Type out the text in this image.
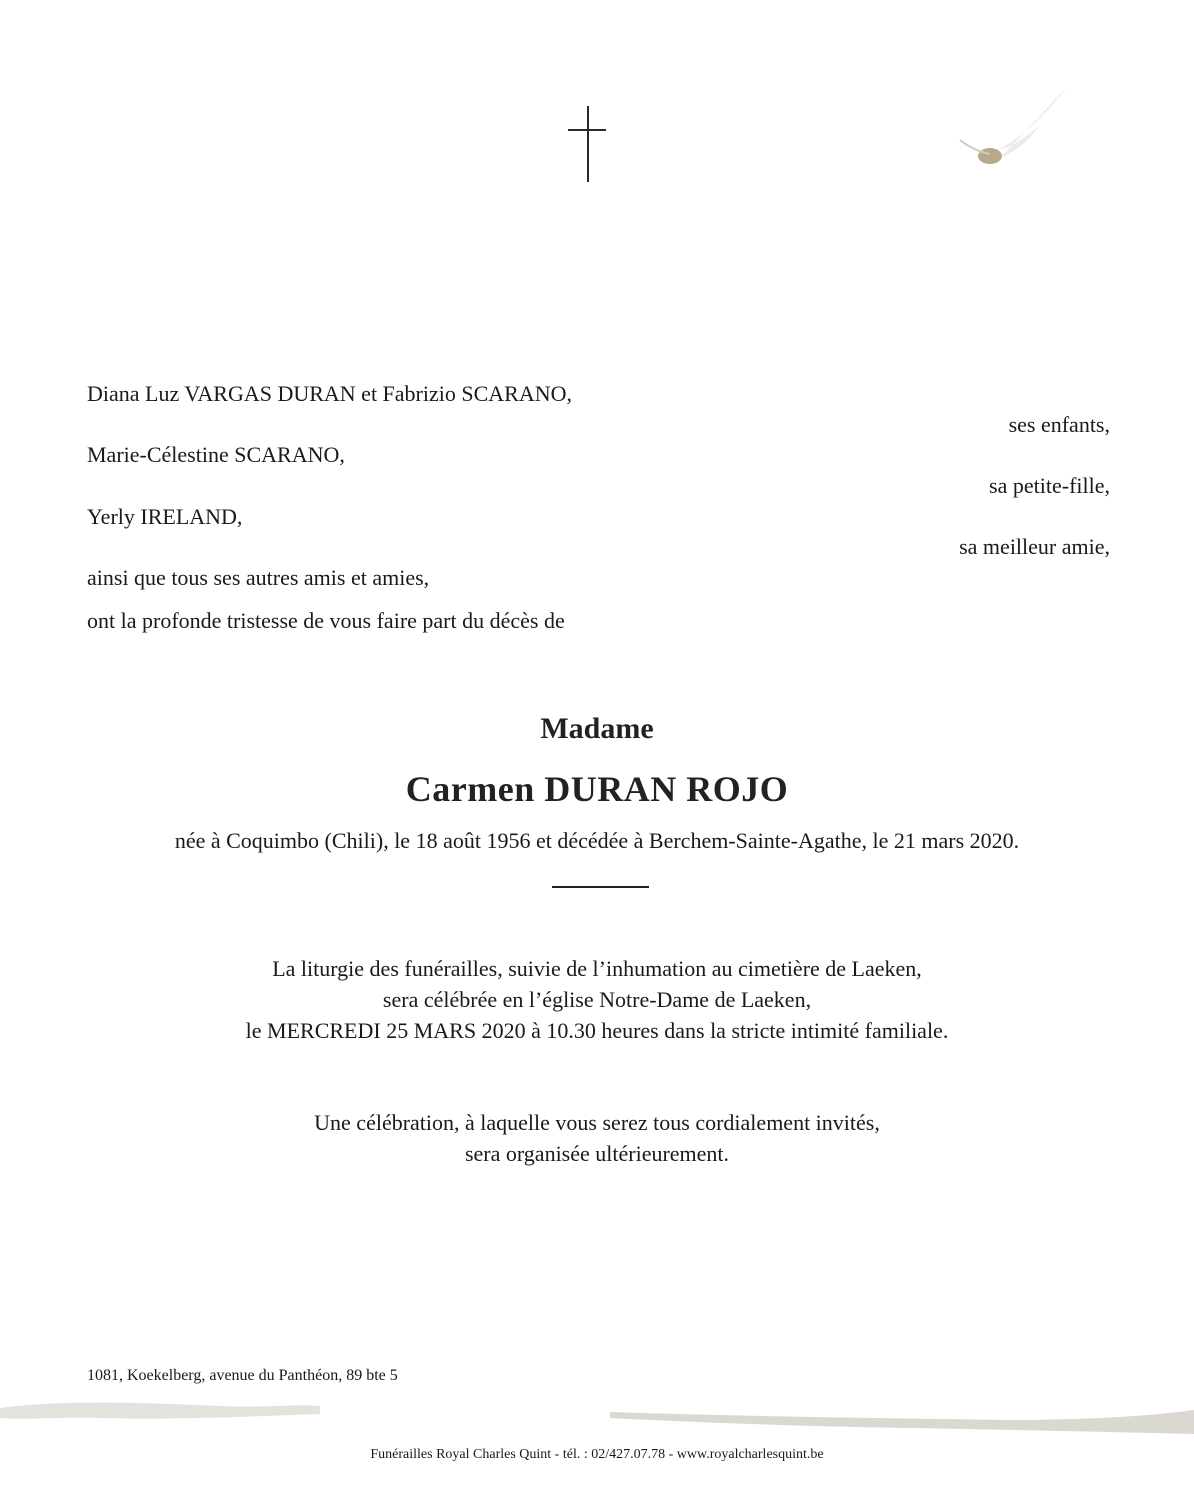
Diana Luz VARGAS DURAN et Fabrizio SCARANO,
Marie-Célestine SCARANO,
Yerly IRELAND,
ainsi que tous ses autres amis et amies,
ont la profonde tristesse de vous faire part du décès de
ses enfants,
sa petite-fille,
sa meilleur amie,
Madame
Carmen DURAN ROJO
née à Coquimbo (Chili), le 18 août 1956 et décédée à Berchem-Sainte-Agathe, le 21 mars 2020.
La liturgie des funérailles, suivie de l’inhumation au cimetière de Laeken,
sera célébrée en l’église Notre-Dame de Laeken,
le MERCREDI 25 MARS 2020 à 10.30 heures dans la stricte intimité familiale.
Une célébration, à laquelle vous serez tous cordialement invités,
sera organisée ultérieurement.
1081, Koekelberg, avenue du Panthéon, 89 bte 5
Funérailles Royal Charles Quint - tél. : 02/427.07.78 - www.royalcharlesquint.be
